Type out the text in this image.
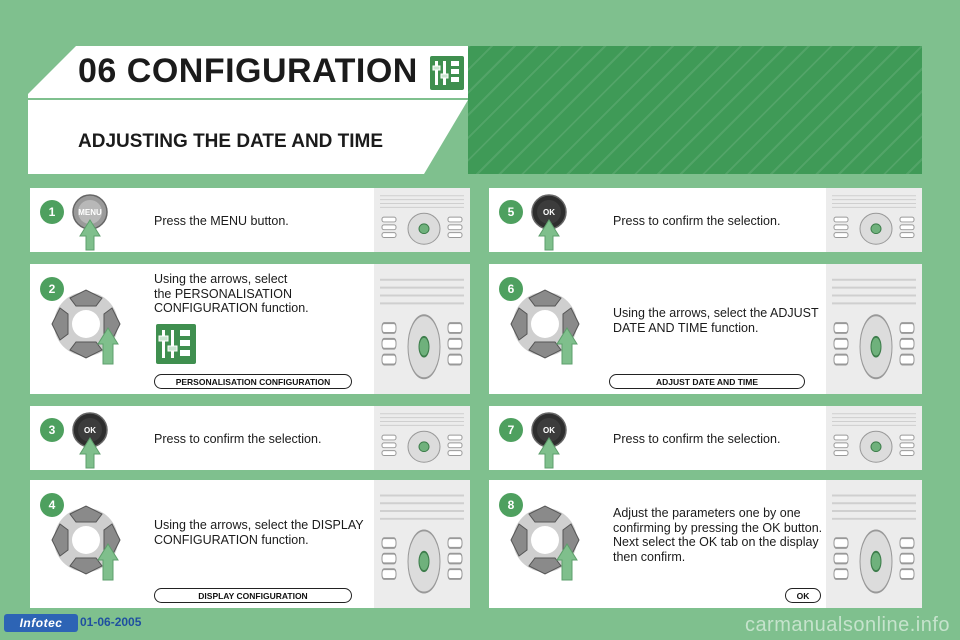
06 CONFIGURATION
ADJUSTING THE DATE AND TIME
1	MENU
Press the MENU button.
2
Using the arrows, select
the PERSONALISATION
CONFIGURATION function.
PERSONALISATION CONFIGURATION
3	OK
Press to confirm the selection.
4
Using the arrows, select the DISPLAY
CONFIGURATION function.
DISPLAY CONFIGURATION
5	OK
Press to confirm the selection.
6
Using the arrows, select the ADJUST
DATE AND TIME function.
ADJUST DATE AND TIME
7	OK
Press to confirm the selection.
8
Adjust the parameters one by one
confirming by pressing the OK button.
Next select the OK tab on the display
then confirm.
OK
Infotec	01-06-2005	carmanualsonline.info
